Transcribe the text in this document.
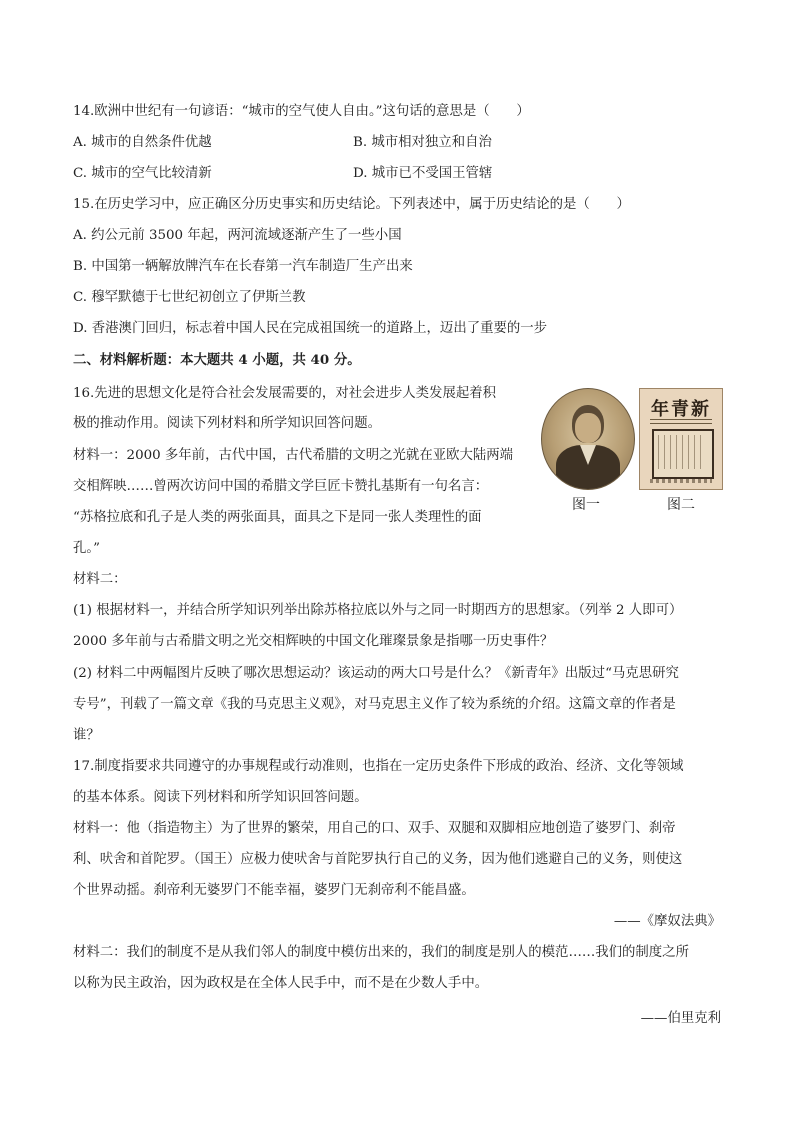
14.欧洲中世纪有一句谚语：“城市的空气使人自由。”这句话的意思是（　　）
A. 城市的自然条件优越	B. 城市相对独立和自治
C. 城市的空气比较清新	D. 城市已不受国王管辖
15.在历史学习中，应正确区分历史事实和历史结论。下列表述中，属于历史结论的是（　　）
A. 约公元前 3500 年起，两河流域逐渐产生了一些小国
B. 中国第一辆解放牌汽车在长春第一汽车制造厂生产出来
C. 穆罕默德于七世纪初创立了伊斯兰教
D. 香港澳门回归，标志着中国人民在完成祖国统一的道路上，迈出了重要的一步
二、材料解析题：本大题共 4 小题，共 40 分。
16.先进的思想文化是符合社会发展需要的，对社会进步人类发展起着积
极的推动作用。阅读下列材料和所学知识回答问题。
材料一：2000 多年前，古代中国，古代希腊的文明之光就在亚欧大陆两端
交相辉映……曾两次访问中国的希腊文学巨匠卡赞扎基斯有一句名言：
“苏格拉底和孔子是人类的两张面具，面具之下是同一张人类理性的面
孔。”
材料二：
年青新
图一	图二
(1) 根据材料一，并结合所学知识列举出除苏格拉底以外与之同一时期西方的思想家。（列举 2 人即可）
2000 多年前与古希腊文明之光交相辉映的中国文化璀璨景象是指哪一历史事件？
(2) 材料二中两幅图片反映了哪次思想运动？该运动的两大口号是什么？《新青年》出版过“马克思研究
专号”，刊载了一篇文章《我的马克思主义观》，对马克思主义作了较为系统的介绍。这篇文章的作者是
谁？
17.制度指要求共同遵守的办事规程或行动准则，也指在一定历史条件下形成的政治、经济、文化等领域
的基本体系。阅读下列材料和所学知识回答问题。
材料一：他（指造物主）为了世界的繁荣，用自己的口、双手、双腿和双脚相应地创造了婆罗门、刹帝
利、吠舍和首陀罗。（国王）应极力使吠舍与首陀罗执行自己的义务，因为他们逃避自己的义务，则使这
个世界动摇。刹帝利无婆罗门不能幸福，婆罗门无刹帝利不能昌盛。
——《摩奴法典》
材料二：我们的制度不是从我们邻人的制度中模仿出来的，我们的制度是别人的模范……我们的制度之所
以称为民主政治，因为政权是在全体人民手中，而不是在少数人手中。
——伯里克利
